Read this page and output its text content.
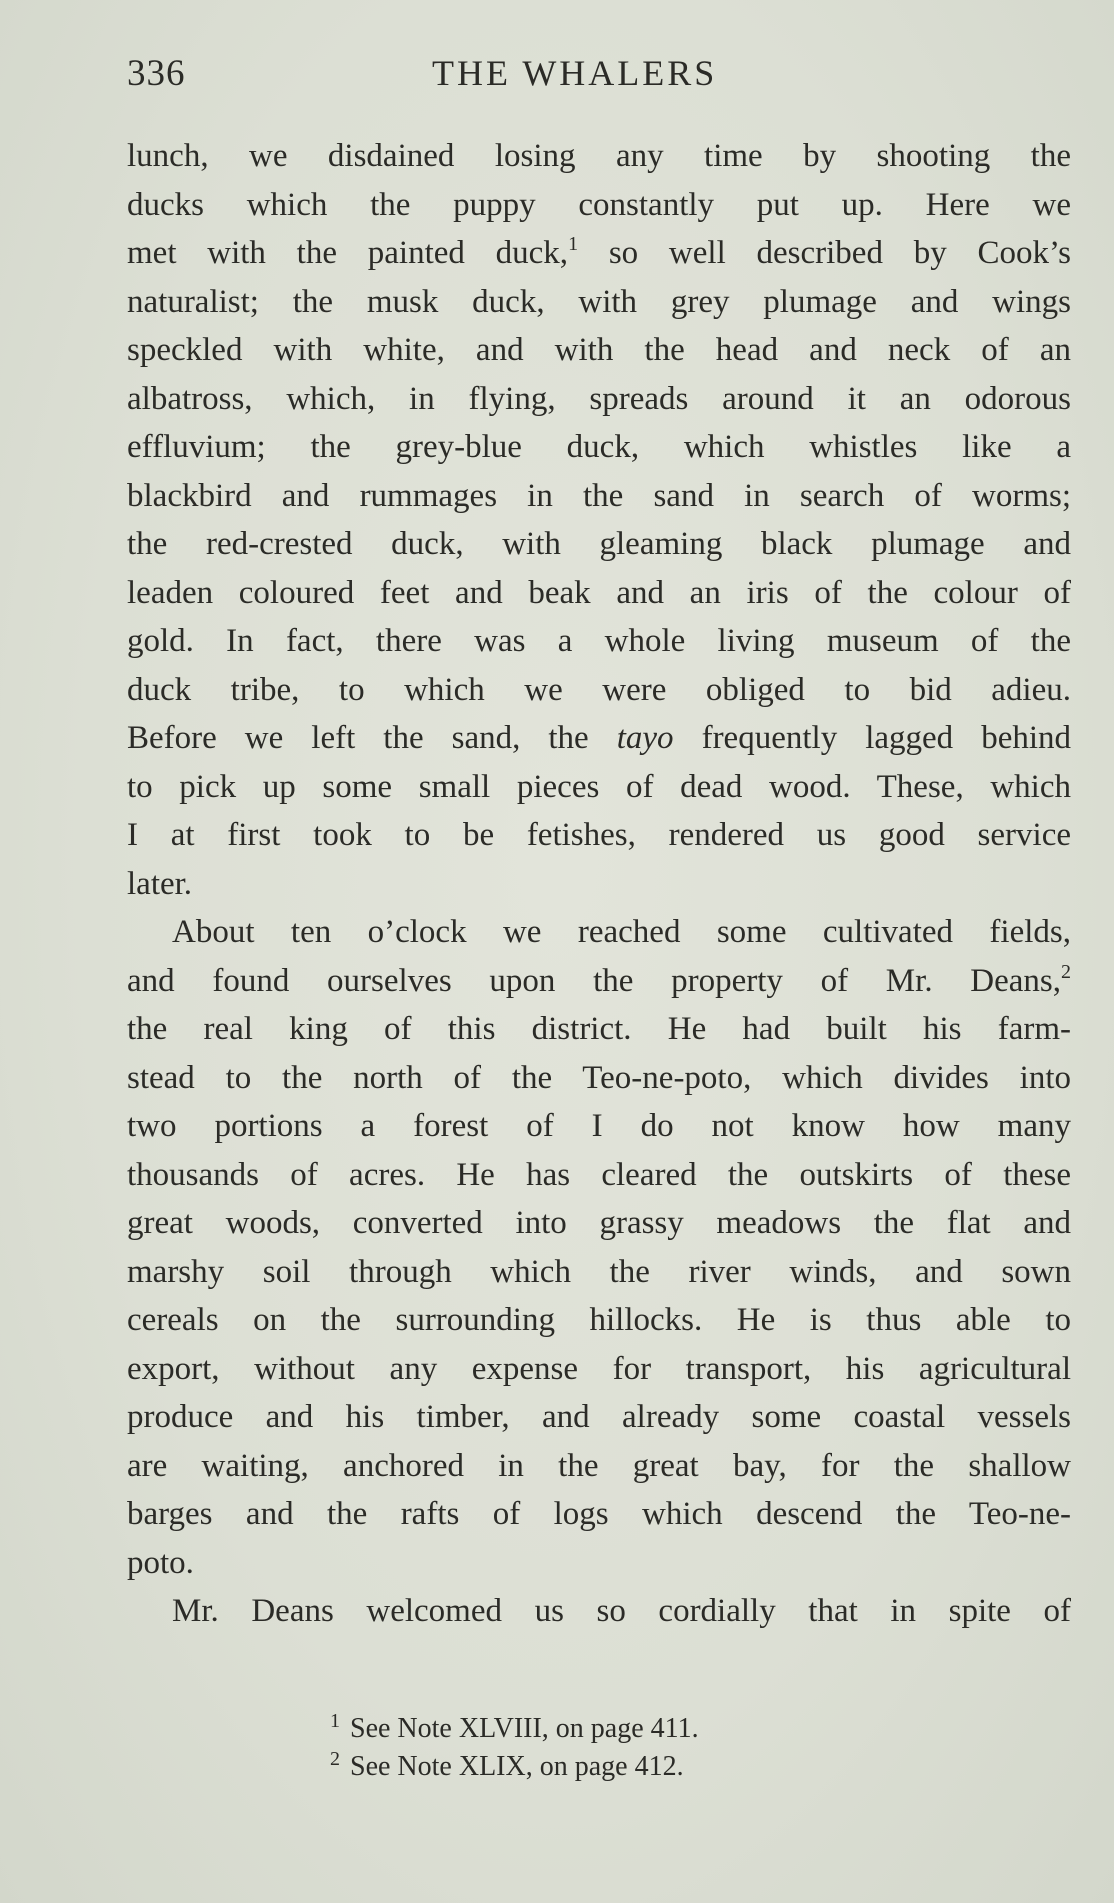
336	THE WHALERS
lunch, we disdained losing any time by shooting the
ducks which the puppy constantly put up. Here we
met with the painted duck,$^1$ so well described by Cook’s
naturalist; the musk duck, with grey plumage and wings
speckled with white, and with the head and neck of an
albatross, which, in flying, spreads around it an odorous
effluvium; the grey-blue duck, which whistles like a
blackbird and rummages in the sand in search of worms;
the red-crested duck, with gleaming black plumage and
leaden coloured feet and beak and an iris of the colour of
gold. In fact, there was a whole living museum of the
duck tribe, to which we were obliged to bid adieu.
Before we left the sand, the tayo frequently lagged behind
to pick up some small pieces of dead wood. These, which
I at first took to be fetishes, rendered us good service
later.
About ten o’clock we reached some cultivated fields,
and found ourselves upon the property of Mr. Deans,$^2$
the real king of this district. He had built his farm-
stead to the north of the Teo-ne-poto, which divides into
two portions a forest of I do not know how many
thousands of acres. He has cleared the outskirts of these
great woods, converted into grassy meadows the flat and
marshy soil through which the river winds, and sown
cereals on the surrounding hillocks. He is thus able to
export, without any expense for transport, his agricultural
produce and his timber, and already some coastal vessels
are waiting, anchored in the great bay, for the shallow
barges and the rafts of logs which descend the Teo-ne-
poto.
Mr. Deans welcomed us so cordially that in spite of
$^1$ See Note XLVIII, on page 411.
$^2$ See Note XLIX, on page 412.
